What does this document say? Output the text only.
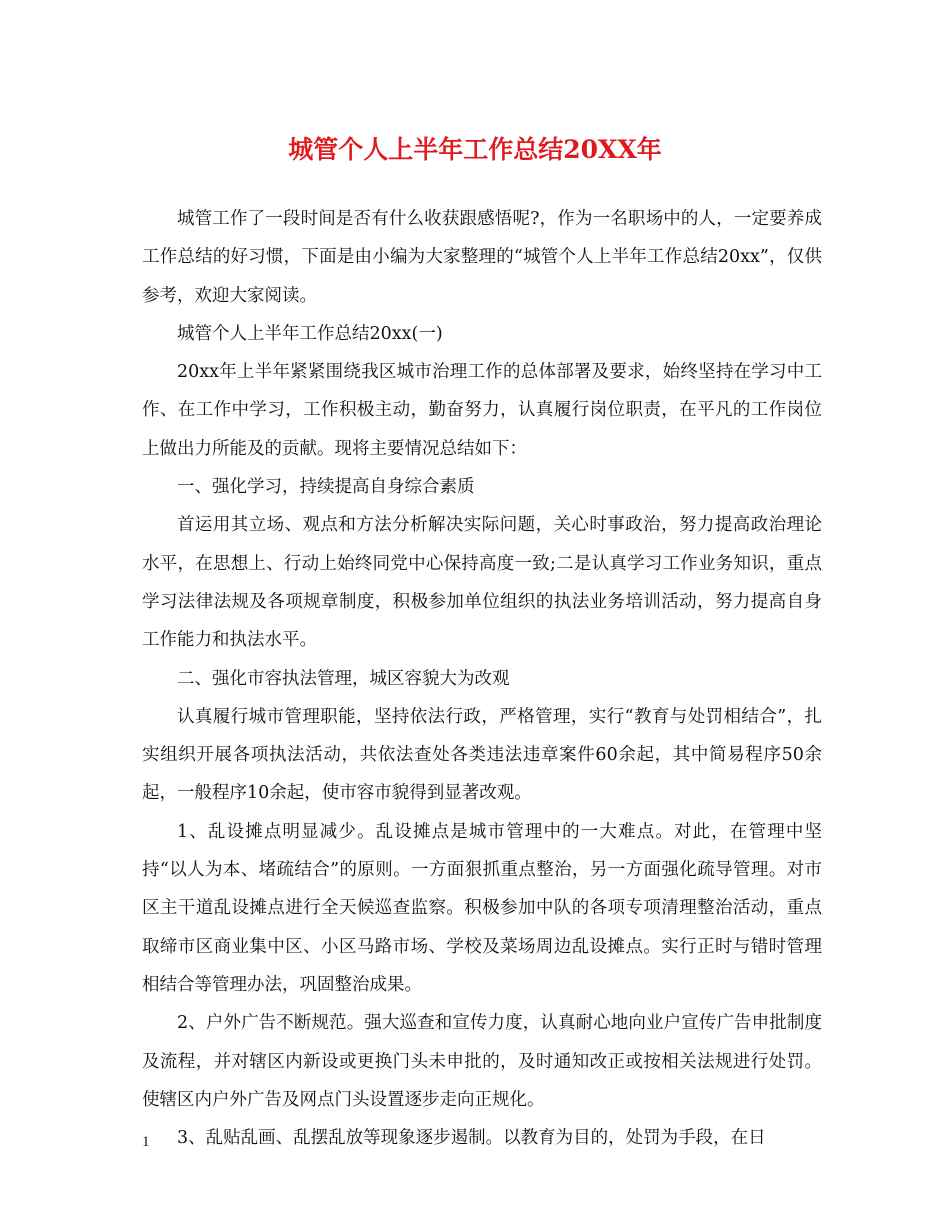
城管个人上半年工作总结20XX年

城管工作了一段时间是否有什么收获跟感悟呢?，作为一名职场中的人，一定要养成工作总结的好习惯，下面是由小编为大家整理的“城管个人上半年工作总结20xx”，仅供参考，欢迎大家阅读。

城管个人上半年工作总结20xx(一)

20xx年上半年紧紧围绕我区城市治理工作的总体部署及要求，始终坚持在学习中工作、在工作中学习，工作积极主动，勤奋努力，认真履行岗位职责，在平凡的工作岗位上做出力所能及的贡献。现将主要情况总结如下：

一、强化学习，持续提高自身综合素质

首运用其立场、观点和方法分析解决实际问题，关心时事政治，努力提高政治理论水平，在思想上、行动上始终同党中心保持高度一致;二是认真学习工作业务知识，重点学习法律法规及各项规章制度，积极参加单位组织的执法业务培训活动，努力提高自身工作能力和执法水平。

二、强化市容执法管理，城区容貌大为改观

认真履行城市管理职能，坚持依法行政，严格管理，实行“教育与处罚相结合”，扎实组织开展各项执法活动，共依法查处各类违法违章案件60余起，其中简易程序50余起，一般程序10余起，使市容市貌得到显著改观。

1、乱设摊点明显减少。乱设摊点是城市管理中的一大难点。对此，在管理中坚持“以人为本、堵疏结合”的原则。一方面狠抓重点整治，另一方面强化疏导管理。对市区主干道乱设摊点进行全天候巡查监察。积极参加中队的各项专项清理整治活动，重点取缔市区商业集中区、小区马路市场、学校及菜场周边乱设摊点。实行正时与错时管理相结合等管理办法，巩固整治成果。

2、户外广告不断规范。强大巡查和宣传力度，认真耐心地向业户宣传广告申批制度及流程，并对辖区内新设或更换门头未申批的，及时通知改正或按相关法规进行处罚。使辖区内户外广告及网点门头设置逐步走向正规化。

3、乱贴乱画、乱摆乱放等现象逐步遏制。以教育为目的，处罚为手段，在日

1
